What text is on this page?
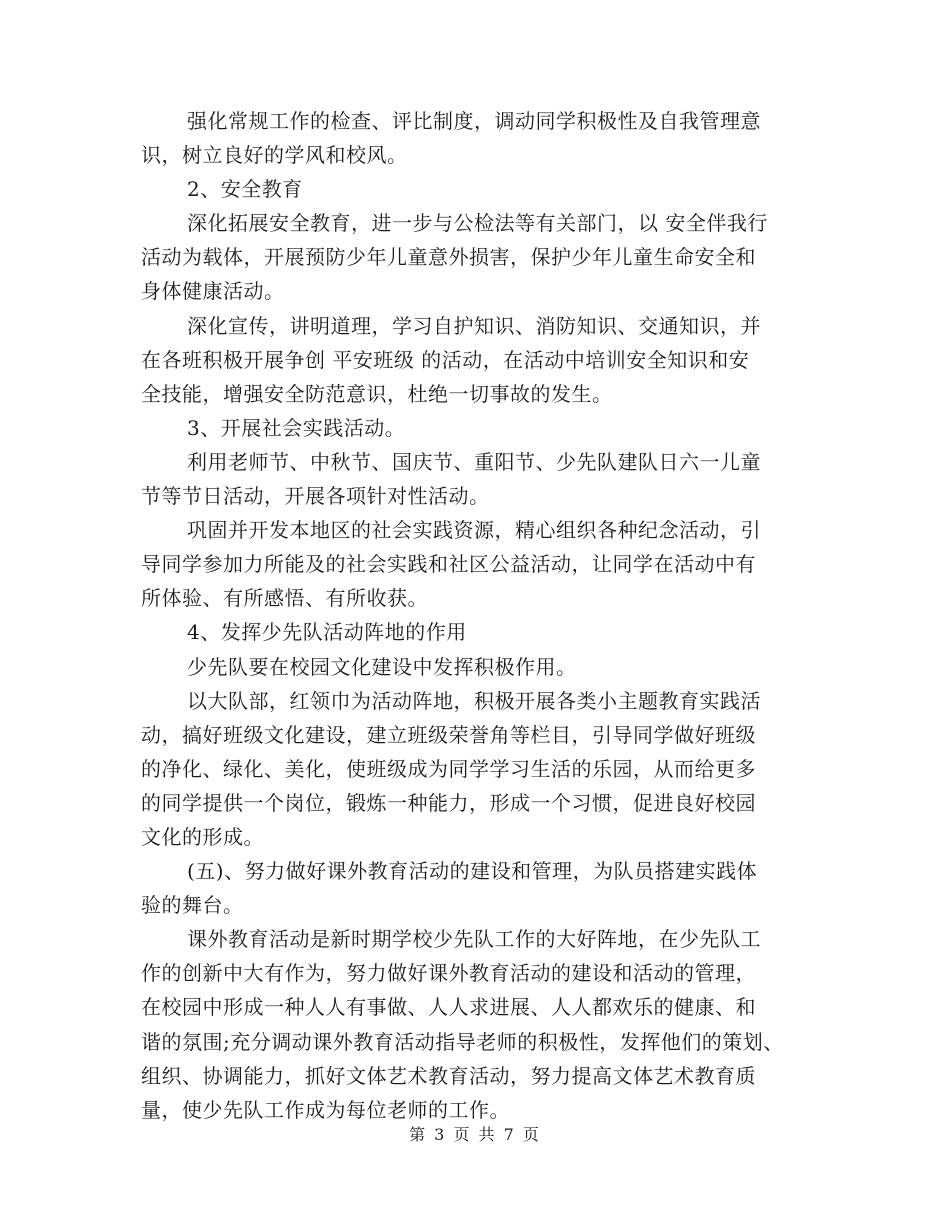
强化常规工作的检查、评比制度，调动同学积极性及自我管理意
识，树立良好的学风和校风。
2、安全教育
深化拓展安全教育，进一步与公检法等有关部门，以 安全伴我行
活动为载体，开展预防少年儿童意外损害，保护少年儿童生命安全和
身体健康活动。
深化宣传，讲明道理，学习自护知识、消防知识、交通知识，并
在各班积极开展争创 平安班级 的活动，在活动中培训安全知识和安
全技能，增强安全防范意识，杜绝一切事故的发生。
3、开展社会实践活动。
利用老师节、中秋节、国庆节、重阳节、少先队建队日六一儿童
节等节日活动，开展各项针对性活动。
巩固并开发本地区的社会实践资源，精心组织各种纪念活动，引
导同学参加力所能及的社会实践和社区公益活动，让同学在活动中有
所体验、有所感悟、有所收获。
4、发挥少先队活动阵地的作用
少先队要在校园文化建设中发挥积极作用。
以大队部，红领巾为活动阵地，积极开展各类小主题教育实践活
动，搞好班级文化建设，建立班级荣誉角等栏目，引导同学做好班级
的净化、绿化、美化，使班级成为同学学习生活的乐园，从而给更多
的同学提供一个岗位，锻炼一种能力，形成一个习惯，促进良好校园
文化的形成。
(五)、努力做好课外教育活动的建设和管理，为队员搭建实践体
验的舞台。
课外教育活动是新时期学校少先队工作的大好阵地，在少先队工
作的创新中大有作为，努力做好课外教育活动的建设和活动的管理，
在校园中形成一种人人有事做、人人求进展、人人都欢乐的健康、和
谐的氛围;充分调动课外教育活动指导老师的积极性，发挥他们的策划、
组织、协调能力，抓好文体艺术教育活动，努力提高文体艺术教育质
量，使少先队工作成为每位老师的工作。
第 3 页 共 7 页
